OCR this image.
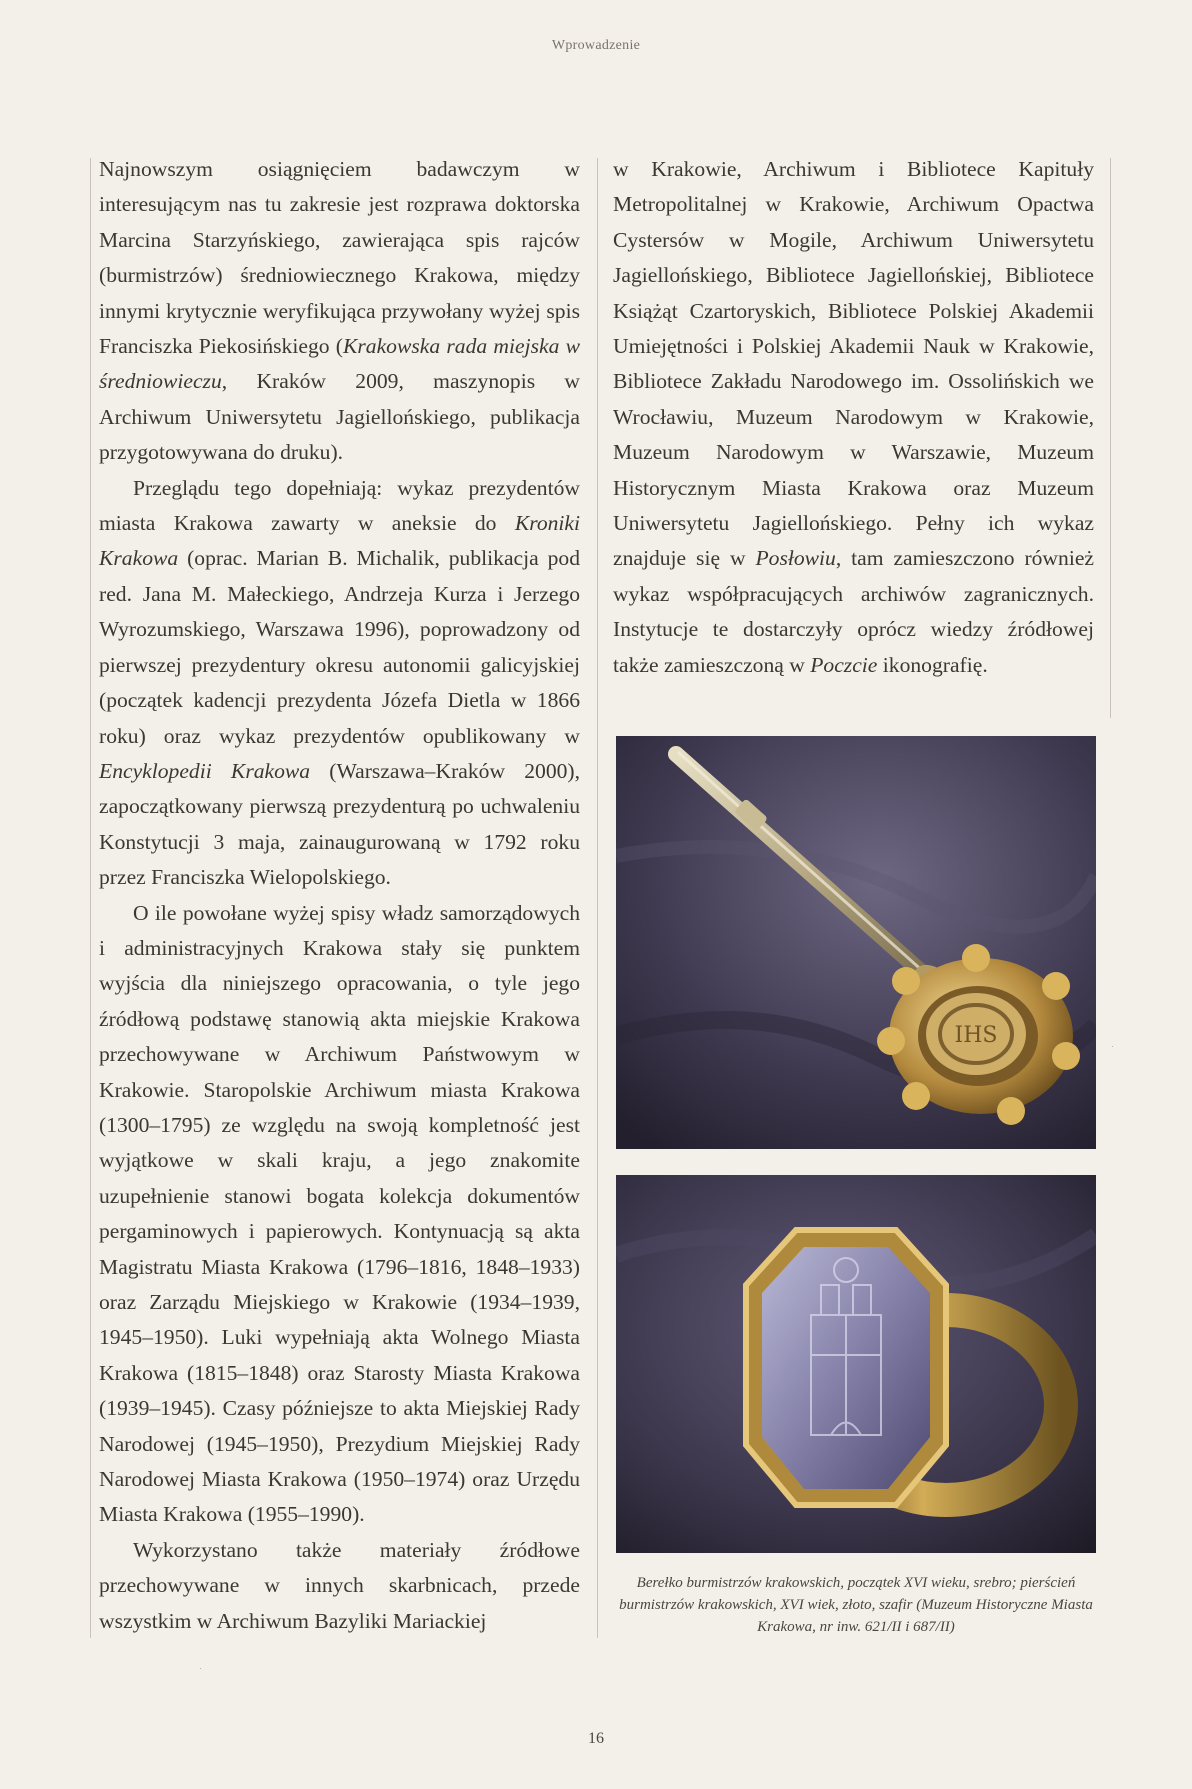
Wprowadzenie

Najnowszym osiągnięciem badawczym w interesującym nas tu zakresie jest rozprawa doktorska Marcina Starzyńskiego, zawierająca spis rajców (burmistrzów) średniowiecznego Krakowa, między innymi krytycznie weryfikująca przywołany wyżej spis Franciszka Piekosińskiego (Krakowska rada miejska w średniowieczu, Kraków 2009, maszynopis w Archiwum Uniwersytetu Jagiellońskiego, publikacja przygotowywana do druku).

Przeglądu tego dopełniają: wykaz prezydentów miasta Krakowa zawarty w aneksie do Kroniki Krakowa (oprac. Marian B. Michalik, publikacja pod red. Jana M. Małeckiego, Andrzeja Kurza i Jerzego Wyrozumskiego, Warszawa 1996), poprowadzony od pierwszej prezydentury okresu autonomii galicyjskiej (początek kadencji prezydenta Józefa Dietla w 1866 roku) oraz wykaz prezydentów opublikowany w Encyklopedii Krakowa (Warszawa–Kraków 2000), zapoczątkowany pierwszą prezydenturą po uchwaleniu Konstytucji 3 maja, zainaugurowaną w 1792 roku przez Franciszka Wielopolskiego.

O ile powołane wyżej spisy władz samorządowych i administracyjnych Krakowa stały się punktem wyjścia dla niniejszego opracowania, o tyle jego źródłową podstawę stanowią akta miejskie Krakowa przechowywane w Archiwum Państwowym w Krakowie. Staropolskie Archiwum miasta Krakowa (1300–1795) ze względu na swoją kompletność jest wyjątkowe w skali kraju, a jego znakomite uzupełnienie stanowi bogata kolekcja dokumentów pergaminowych i papierowych. Kontynuacją są akta Magistratu Miasta Krakowa (1796–1816, 1848–1933) oraz Zarządu Miejskiego w Krakowie (1934–1939, 1945–1950). Luki wypełniają akta Wolnego Miasta Krakowa (1815–1848) oraz Starosty Miasta Krakowa (1939–1945). Czasy późniejsze to akta Miejskiej Rady Narodowej (1945–1950), Prezydium Miejskiej Rady Narodowej Miasta Krakowa (1950–1974) oraz Urzędu Miasta Krakowa (1955–1990).

Wykorzystano także materiały źródłowe przechowywane w innych skarbnicach, przede wszystkim w Archiwum Bazyliki Mariackiej

w Krakowie, Archiwum i Bibliotece Kapituły Metropolitalnej w Krakowie, Archiwum Opactwa Cystersów w Mogile, Archiwum Uniwersytetu Jagiellońskiego, Bibliotece Jagiellońskiej, Bibliotece Książąt Czartoryskich, Bibliotece Polskiej Akademii Umiejętności i Polskiej Akademii Nauk w Krakowie, Bibliotece Zakładu Narodowego im. Ossolińskich we Wrocławiu, Muzeum Narodowym w Krakowie, Muzeum Narodowym w Warszawie, Muzeum Historycznym Miasta Krakowa oraz Muzeum Uniwersytetu Jagiellońskiego. Pełny ich wykaz znajduje się w Posłowiu, tam zamieszczono również wykaz współpracujących archiwów zagranicznych. Instytucje te dostarczyły oprócz wiedzy źródłowej także zamieszczoną w Poczcie ikonografię.

IHS
Berełko burmistrzów krakowskich, początek XVI wieku, srebro; pierścień burmistrzów krakowskich, XVI wiek, złoto, szafir (Muzeum Historyczne Miasta Krakowa, nr inw. 621/II i 687/II)
16
